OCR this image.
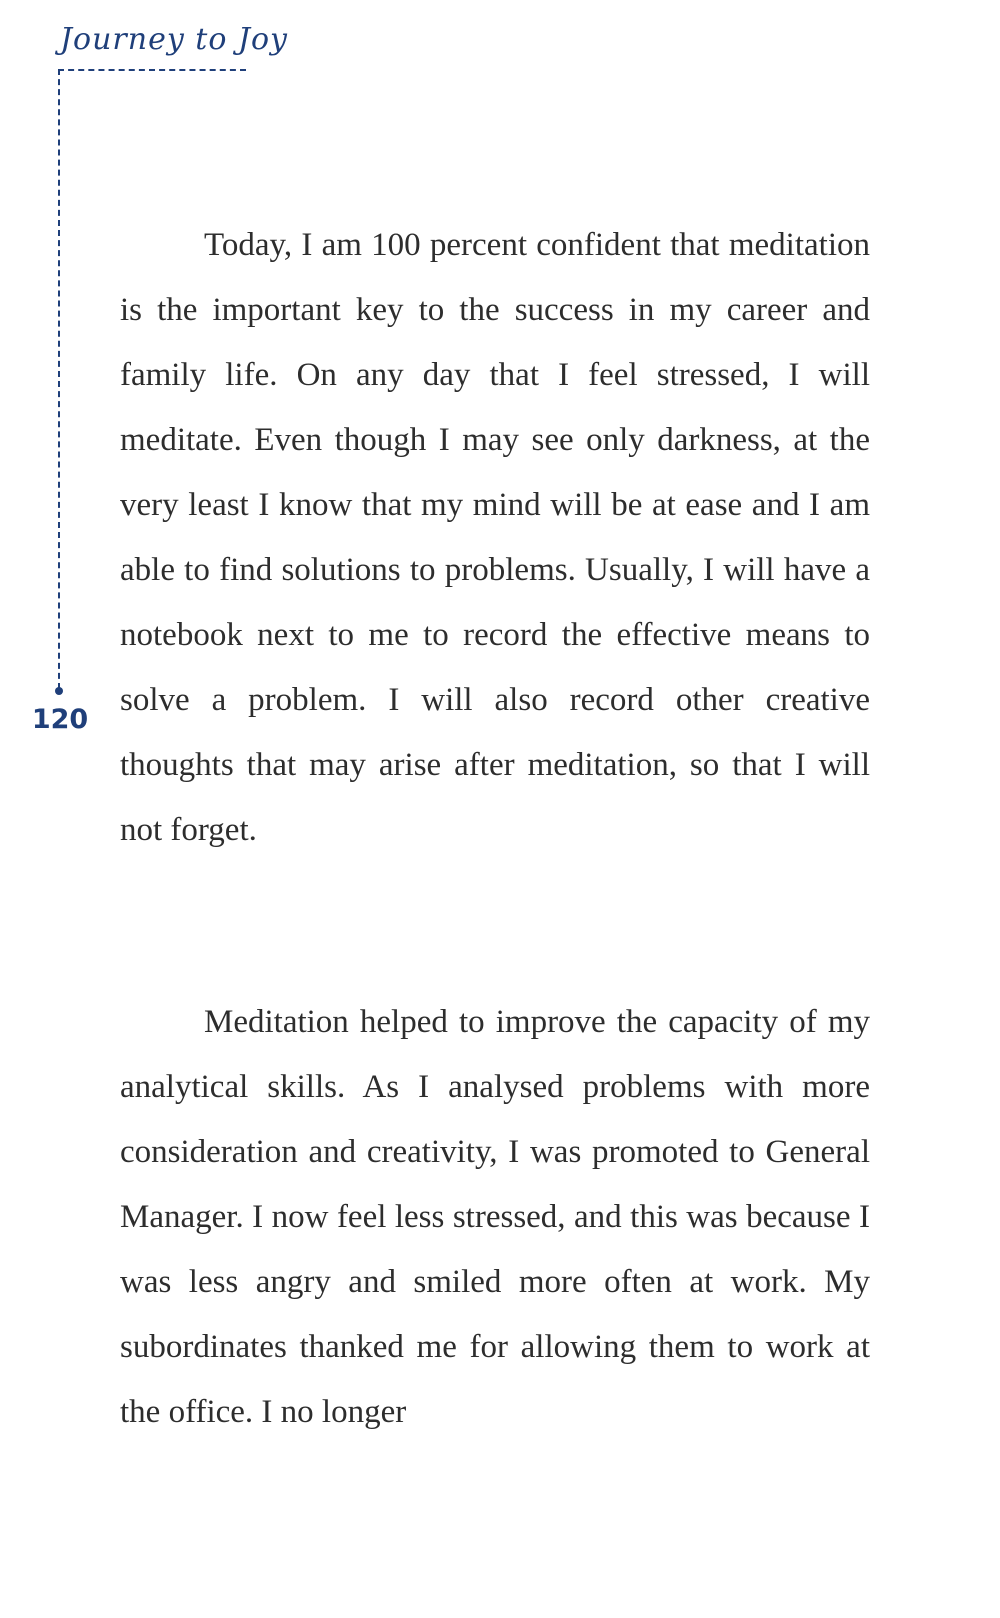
Journey to Joy
120

Today, I am 100 percent confident that meditation is the important key to the success in my career and family life. On any day that I feel stressed, I will meditate. Even though I may see only darkness, at the very least I know that my mind will be at ease and I am able to find solutions to problems. Usually, I will have a notebook next to me to record the effective means to solve a problem. I will also record other creative thoughts that may arise after meditation, so that I will not forget.

Meditation helped to improve the capacity of my analytical skills. As I analysed problems with more consideration and creativity, I was promoted to General Manager. I now feel less stressed, and this was because I was less angry and smiled more often at work. My subordinates thanked me for allowing them to work at the office. I no longer
